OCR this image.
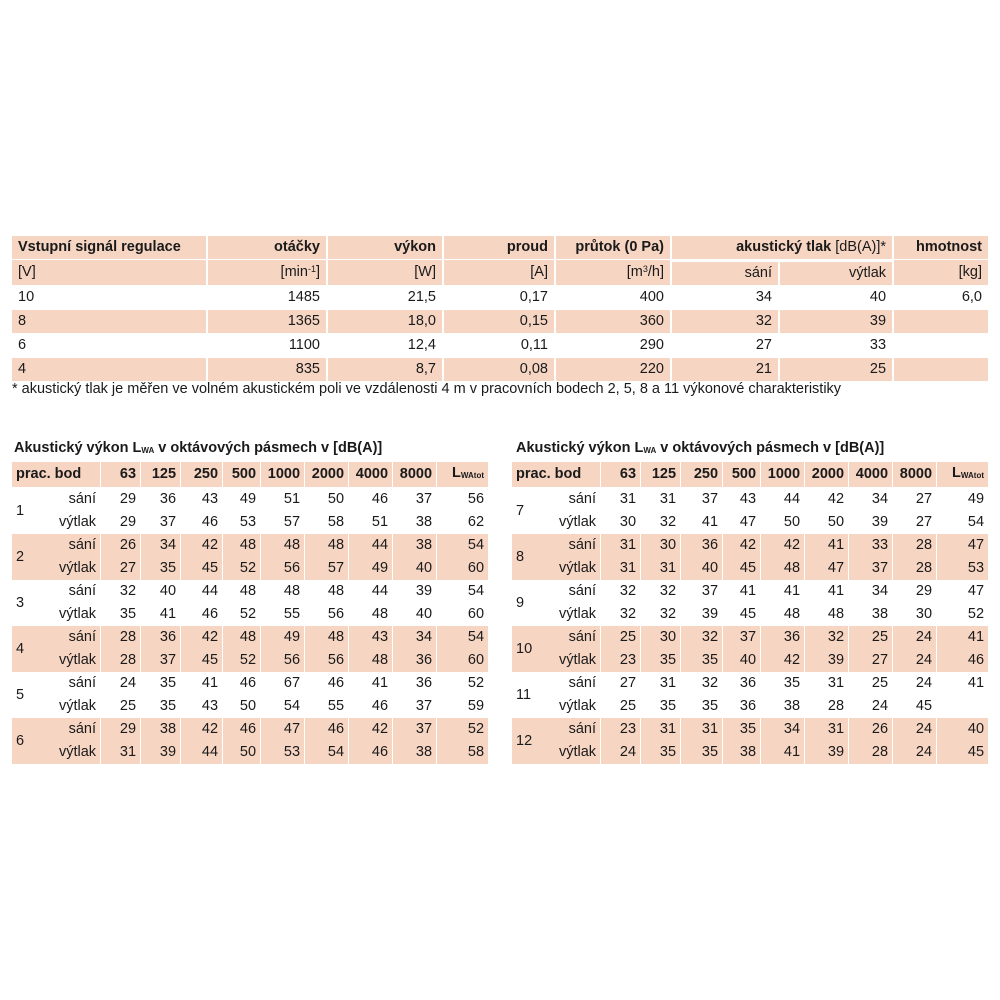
Vstupní signál regulace	otáčky	výkon	proud	průtok (0 Pa)	akustický tlak [dB(A)]*		hmotnost
[V]	$[\min^{-1}]$	[W]	[A]	$[m^3/h]$	sání	výtlak	[kg]
10	1485	21,5	0,17	400	34	40	6,0
8	1365	18,0	0,15	360	32	39	
6	1100	12,4	0,11	290	27	33	
4	835	8,7	0,08	220	21	25	
* akustický tlak je měřen ve volném akustickém poli ve vzdálenosti 4 m v pracovních bodech 2, 5, 8 a 11 výkonové charakteristiky
Akustický výkon LWA v oktávových pásmech v [dB(A)]	Akustický výkon LWA v oktávových pásmech v [dB(A)]
prac. bod		63	125	250	500	1000	2000	4000	8000	LWAtot
1	sání	29	36	43	49	51	50	46	37	56
	výtlak	29	37	46	53	57	58	51	38	62
2	sání	26	34	42	48	48	48	44	38	54
	výtlak	27	35	45	52	56	57	49	40	60
3	sání	32	40	44	48	48	48	44	39	54
	výtlak	35	41	46	52	55	56	48	40	60
4	sání	28	36	42	48	49	48	43	34	54
	výtlak	28	37	45	52	56	56	48	36	60
5	sání	24	35	41	46	67	46	41	36	52
	výtlak	25	35	43	50	54	55	46	37	59
6	sání	29	38	42	46	47	46	42	37	52
	výtlak	31	39	44	50	53	54	46	38	58
prac. bod		63	125	250	500	1000	2000	4000	8000	LWAtot
7	sání	31	31	37	43	44	42	34	27	49
	výtlak	30	32	41	47	50	50	39	27	54
8	sání	31	30	36	42	42	41	33	28	47
	výtlak	31	31	40	45	48	47	37	28	53
9	sání	32	32	37	41	41	41	34	29	47
	výtlak	32	32	39	45	48	48	38	30	52
10	sání	25	30	32	37	36	32	25	24	41
	výtlak	23	35	35	40	42	39	27	24	46
11	sání	27	31	32	36	35	31	25	24	41
	výtlak	25	35	35	36	38	28	24	45	
12	sání	23	31	31	35	34	31	26	24	40
	výtlak	24	35	35	38	41	39	28	24	45
